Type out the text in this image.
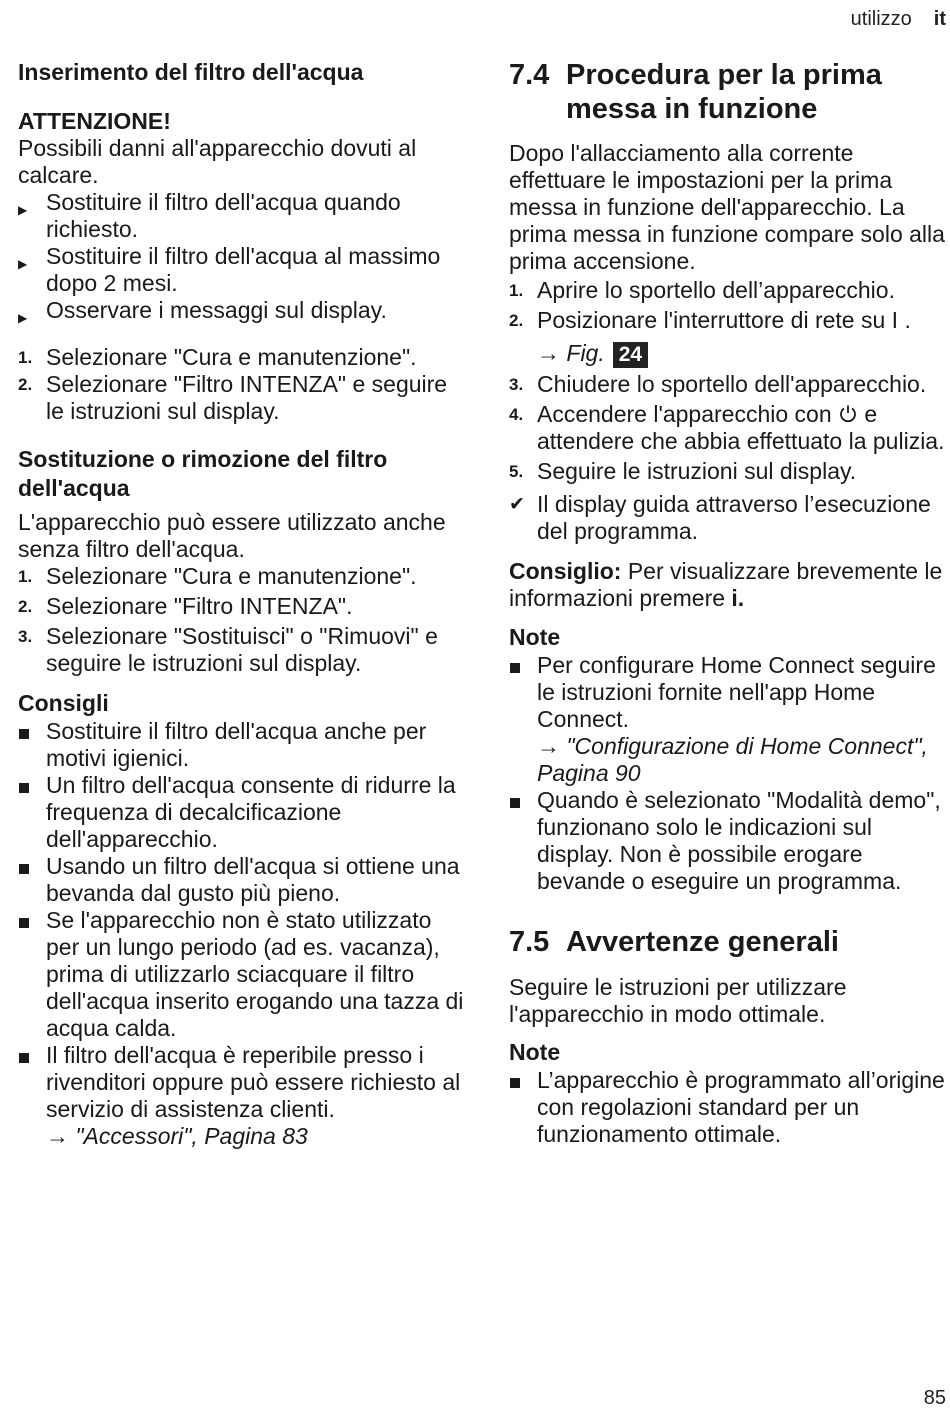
utilizzo it

Inserimento del filtro dell'acqua

ATTENZIONE!

Possibili danni all'apparecchio dovuti al calcare.

▶ Sostituire il filtro dell'acqua quando richiesto.
▶ Sostituire il filtro dell'acqua al massimo dopo 2 mesi.
▶ Osservare i messaggi sul display.
1. Selezionare "Cura e manutenzione".
2. Selezionare "Filtro INTENZA" e seguire le istruzioni sul display.

Sostituzione o rimozione del filtro dell'acqua

L'apparecchio può essere utilizzato anche senza filtro dell'acqua.

1. Selezionare "Cura e manutenzione".
2. Selezionare "Filtro INTENZA".
3. Selezionare "Sostituisci" o "Rimuovi" e seguire le istruzioni sul display.

Consigli

Sostituire il filtro dell'acqua anche per motivi igienici.
Un filtro dell'acqua consente di ridurre la frequenza di decalcificazione dell'apparecchio.
Usando un filtro dell'acqua si ottiene una bevanda dal gusto più pieno.
Se l'apparecchio non è stato utilizzato per un lungo periodo (ad es. vacanza), prima di utilizzarlo sciacquare il filtro dell'acqua inserito erogando una tazza di acqua calda.
Il filtro dell'acqua è reperibile presso i rivenditori oppure può essere richiesto al servizio di assistenza clienti.
→ "Accessori", Pagina 83
7.4 Procedura per la prima messa in funzione

Dopo l'allacciamento alla corrente effettuare le impostazioni per la prima messa in funzione dell'apparecchio. La prima messa in funzione compare solo alla prima accensione.

1. Aprire lo sportello dell’apparecchio.
2. Posizionare l'interruttore di rete su I .
→ Fig. 24
3. Chiudere lo sportello dell'apparecchio.
4. Accendere l'apparecchio con e attendere che abbia effettuato la pulizia.
5. Seguire le istruzioni sul display.
✔ Il display guida attraverso l’esecuzione del programma.

Consiglio: Per visualizzare brevemente le informazioni premere i.

Note

Per configurare Home Connect seguire le istruzioni fornite nell'app Home Connect.
→ "Configurazione di Home Connect", Pagina 90
Quando è selezionato "Modalità demo", funzionano solo le indicazioni sul display. Non è possibile erogare bevande o eseguire un programma.
7.5 Avvertenze generali

Seguire le istruzioni per utilizzare l'apparecchio in modo ottimale.

Note

L’apparecchio è programmato all’origine con regolazioni standard per un funzionamento ottimale.
85
